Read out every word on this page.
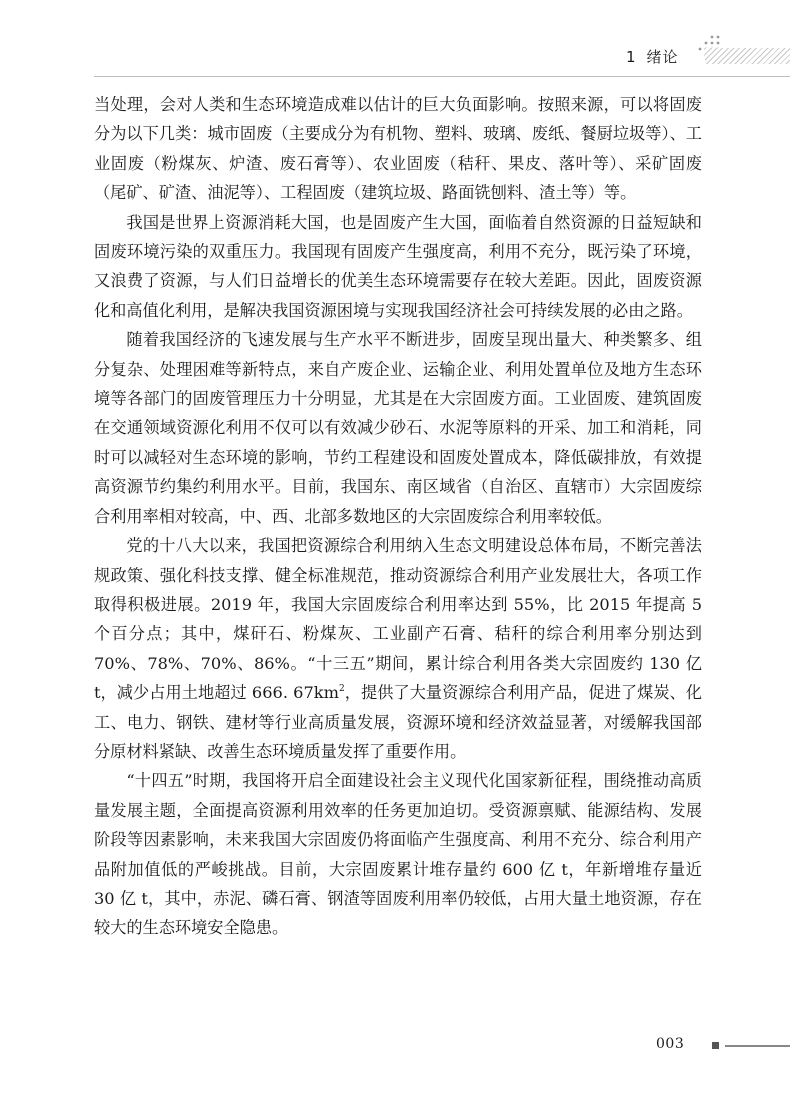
1 绪论

当处理，会对人类和生态环境造成难以估计的巨大负面影响。按照来源，可以将固废分为以下几类：城市固废（主要成分为有机物、塑料、玻璃、废纸、餐厨垃圾等）、工业固废（粉煤灰、炉渣、废石膏等）、农业固废（秸秆、果皮、落叶等）、采矿固废（尾矿、矿渣、油泥等）、工程固废（建筑垃圾、路面铣刨料、渣土等）等。

我国是世界上资源消耗大国，也是固废产生大国，面临着自然资源的日益短缺和固废环境污染的双重压力。我国现有固废产生强度高，利用不充分，既污染了环境，又浪费了资源，与人们日益增长的优美生态环境需要存在较大差距。因此，固废资源化和高值化利用，是解决我国资源困境与实现我国经济社会可持续发展的必由之路。

随着我国经济的飞速发展与生产水平不断进步，固废呈现出量大、种类繁多、组分复杂、处理困难等新特点，来自产废企业、运输企业、利用处置单位及地方生态环境等各部门的固废管理压力十分明显，尤其是在大宗固废方面。工业固废、建筑固废在交通领域资源化利用不仅可以有效减少砂石、水泥等原料的开采、加工和消耗，同时可以减轻对生态环境的影响，节约工程建设和固废处置成本，降低碳排放，有效提高资源节约集约利用水平。目前，我国东、南区域省（自治区、直辖市）大宗固废综合利用率相对较高，中、西、北部多数地区的大宗固废综合利用率较低。

党的十八大以来，我国把资源综合利用纳入生态文明建设总体布局，不断完善法规政策、强化科技支撑、健全标准规范，推动资源综合利用产业发展壮大，各项工作取得积极进展。2019 年，我国大宗固废综合利用率达到 55%，比 2015 年提高 5 个百分点；其中，煤矸石、粉煤灰、工业副产石膏、秸秆的综合利用率分别达到 70%、78%、70%、86%。“十三五”期间，累计综合利用各类大宗固废约 130 亿 t，减少占用土地超过 666. $67km^2$，提供了大量资源综合利用产品，促进了煤炭、化工、电力、钢铁、建材等行业高质量发展，资源环境和经济效益显著，对缓解我国部分原材料紧缺、改善生态环境质量发挥了重要作用。

“十四五”时期，我国将开启全面建设社会主义现代化国家新征程，围绕推动高质量发展主题，全面提高资源利用效率的任务更加迫切。受资源禀赋、能源结构、发展阶段等因素影响，未来我国大宗固废仍将面临产生强度高、利用不充分、综合利用产品附加值低的严峻挑战。目前，大宗固废累计堆存量约 600 亿 t，年新增堆存量近 30 亿 t，其中，赤泥、磷石膏、钢渣等固废利用率仍较低，占用大量土地资源，存在较大的生态环境安全隐患。

003
